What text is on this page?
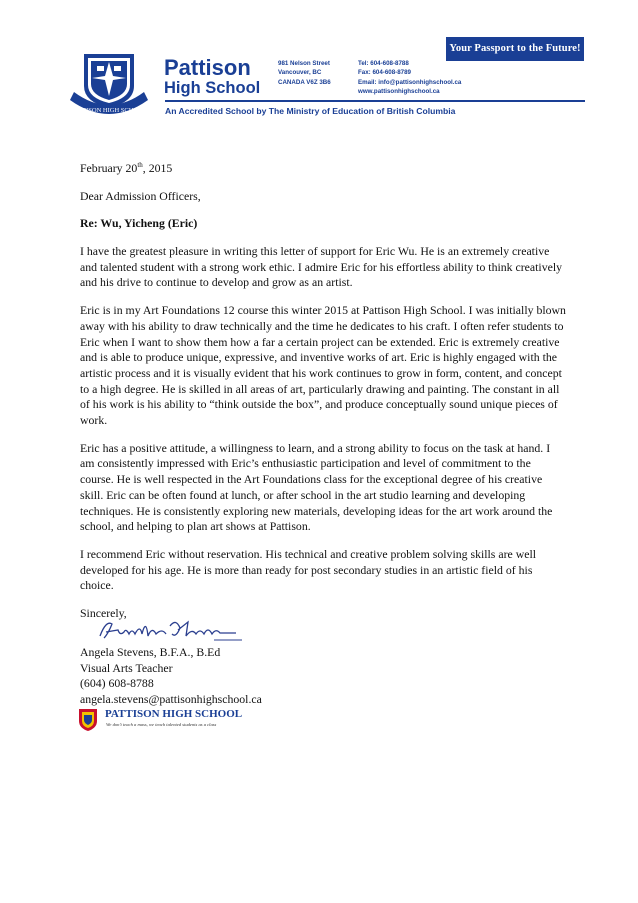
Your Passport to the Future!
PATTISON HIGH SCHOOL
Pattison
High School
981 Nelson Street
Vancouver, BC
CANADA V6Z 3B6
Tel: 604-608-8788
Fax: 604-608-8789
Email: info@pattisonhighschool.ca
www.pattisonhighschool.ca
An Accredited School by The Ministry of Education of British Columbia

February 20th, 2015

Dear Admission Officers,

Re: Wu, Yicheng (Eric)

I have the greatest pleasure in writing this letter of support for Eric Wu. He is an extremely creative and talented student with a strong work ethic. I admire Eric for his effortless ability to think creatively and his drive to continue to develop and grow as an artist.

Eric is in my Art Foundations 12 course this winter 2015 at Pattison High School. I was initially blown away with his ability to draw technically and the time he dedicates to his craft. I often refer students to Eric when I want to show them how a far a certain project can be extended. Eric is extremely creative and is able to produce unique, expressive, and inventive works of art. Eric is highly engaged with the artistic process and it is visually evident that his work continues to grow in form, content, and concept to a high degree. He is skilled in all areas of art, particularly drawing and painting. The constant in all of his work is his ability to “think outside the box”, and produce conceptually sound unique pieces of work.

Eric has a positive attitude, a willingness to learn, and a strong ability to focus on the task at hand. I am consistently impressed with Eric’s enthusiastic participation and level of commitment to the course. He is well respected in the Art Foundations class for the exceptional degree of his creative skill. Eric can be often found at lunch, or after school in the art studio learning and developing techniques. He is consistently exploring new materials, developing ideas for the art work around the school, and helping to plan art shows at Pattison.

I recommend Eric without reservation. His technical and creative problem solving skills are well developed for his age. He is more than ready for post secondary studies in an artistic field of his choice.

Sincerely,

Angela Stevens, B.F.A., B.Ed
Visual Arts Teacher
(604) 608-8788
angela.stevens@pattisonhighschool.ca
PATTISON HIGH SCHOOL
We don’t teach a mass, we teach talented students as a class
